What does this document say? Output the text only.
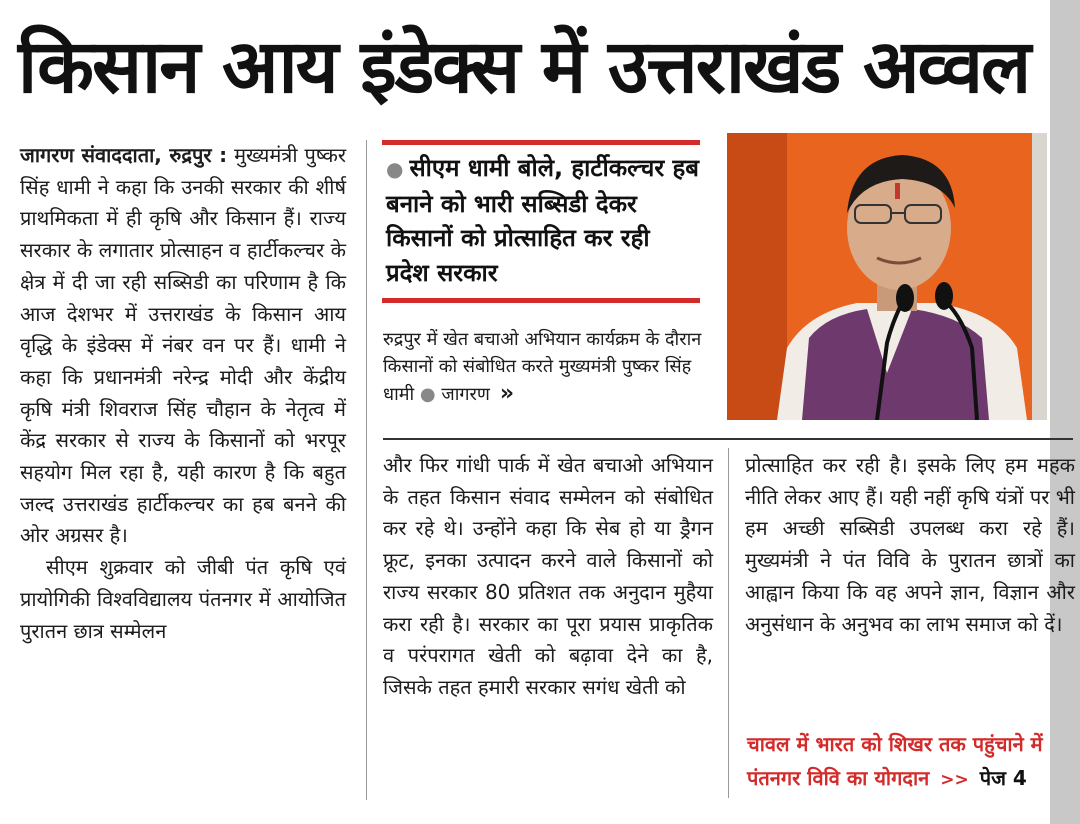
किसान आय इंडेक्स में उत्तराखंड अव्वल

जागरण संवाददाता, रुद्रपुर : मुख्यमंत्री पुष्कर सिंह धामी ने कहा कि उनकी सरकार की शीर्ष प्राथमिकता में ही कृषि और किसान हैं। राज्य सरकार के लगातार प्रोत्साहन व हार्टीकल्चर के क्षेत्र में दी जा रही सब्सिडी का परिणाम है कि आज देशभर में उत्तराखंड के किसान आय वृद्धि के इंडेक्स में नंबर वन पर हैं। धामी ने कहा कि प्रधानमंत्री नरेन्द्र मोदी और केंद्रीय कृषि मंत्री शिवराज सिंह चौहान के नेतृत्व में केंद्र सरकार से राज्य के किसानों को भरपूर सहयोग मिल रहा है, यही कारण है कि बहुत जल्द उत्तराखंड हार्टीकल्चर का हब बनने की ओर अग्रसर है।

सीएम शुक्रवार को जीबी पंत कृषि एवं प्रायोगिकी विश्वविद्यालय पंतनगर में आयोजित पुरातन छात्र सम्मेलन

● सीएम धामी बोले, हार्टीकल्चर हब बनाने को भारी सब्सिडी देकर किसानों को प्रोत्साहित कर रही प्रदेश सरकार
रुद्रपुर में खेत बचाओ अभियान कार्यक्रम के दौरान किसानों को संबोधित करते मुख्यमंत्री पुष्कर सिंह धामी ● जागरण »
और फिर गांधी पार्क में खेत बचाओ अभियान के तहत किसान संवाद सम्मेलन को संबोधित कर रहे थे। उन्होंने कहा कि सेब हो या ड्रैगन फ्रूट, इनका उत्पादन करने वाले किसानों को राज्य सरकार 80 प्रतिशत तक अनुदान मुहैया करा रही है। सरकार का पूरा प्रयास प्राकृतिक व परंपरागत खेती को बढ़ावा देने का है, जिसके तहत हमारी सरकार सगंध खेती को
प्रोत्साहित कर रही है। इसके लिए हम महक नीति लेकर आए हैं। यही नहीं कृषि यंत्रों पर भी हम अच्छी सब्सिडी उपलब्ध करा रहे हैं। मुख्यमंत्री ने पंत विवि के पुरातन छात्रों का आह्वान किया कि वह अपने ज्ञान, विज्ञान और अनुसंधान के अनुभव का लाभ समाज को दें।
चावल में भारत को शिखर तक पहुंचाने में पंतनगर विवि का योगदान >> पेज 4
